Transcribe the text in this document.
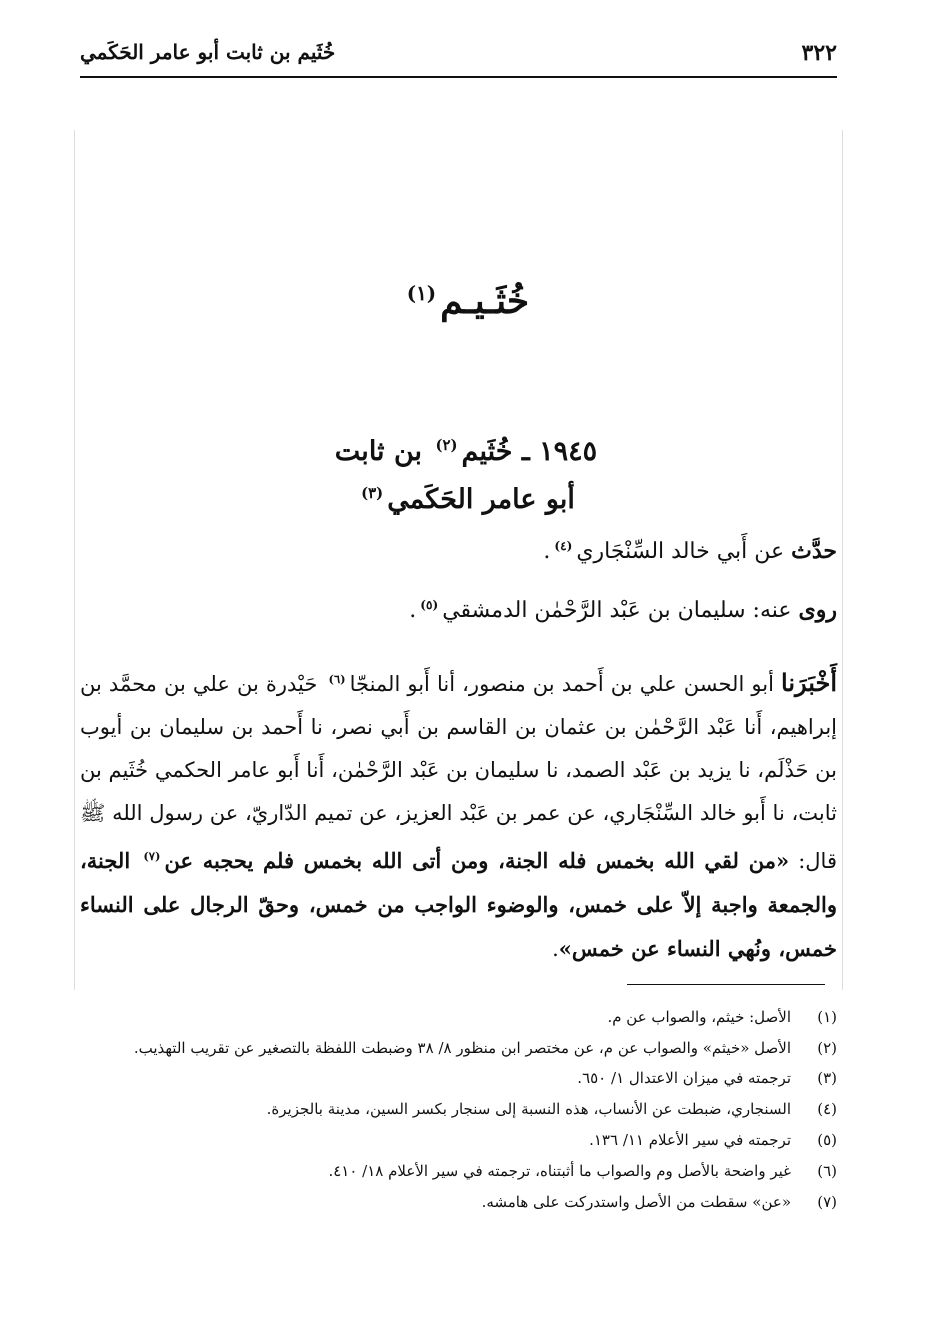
٣٢٢
خُثَيم بن ثابت أبو عامر الحَكَمي
خُثَـيـم$^{(١)}$
١٩٤٥ ـ خُثَيم$^{(٢)}$ بن ثابت
أبو عامر الحَكَمي$^{(٣)}$
حدَّث عن أَبي خالد السِّنْجَاري$^{(٤)}$.
روى عنه: سليمان بن عَبْد الرَّحْمٰن الدمشقي$^{(٥)}$.
أَخْبَرَنا أبو الحسن علي بن أَحمد بن منصور، أنا أَبو المنجّا$^{(٦)}$ حَيْدرة بن علي بن محمَّد بن إبراهيم، أَنا عَبْد الرَّحْمٰن بن عثمان بن القاسم بن أَبي نصر، نا أَحمد بن سليمان بن أيوب بن حَذْلَم، نا يزيد بن عَبْد الصمد، نا سليمان بن عَبْد الرَّحْمٰن، أَنا أَبو عامر الحكمي خُثَيم بن ثابت، نا أَبو خالد السِّنْجَاري، عن عمر بن عَبْد العزيز، عن تميم الدّاريّ، عن رسول الله ﷺ قال: «من لقي الله بخمس فله الجنة، ومن أتى الله بخمس فلم يحجبه عن$^{(٧)}$ الجنة، والجمعة واجبة إلاّ على خمس، والوضوء الواجب من خمس، وحقّ الرجال على النساء خمس، ونُهي النساء عن خمس».
(١)
الأصل: خيثم، والصواب عن م.
(٢)
الأصل «خيثم» والصواب عن م، عن مختصر ابن منظور ٨/ ٣٨ وضبطت اللفظة بالتصغير عن تقريب التهذيب.
(٣)
ترجمته في ميزان الاعتدال ١/ ٦٥٠.
(٤)
السنجاري، ضبطت عن الأنساب، هذه النسبة إلى سنجار بكسر السين، مدينة بالجزيرة.
(٥)
ترجمته في سير الأعلام ١١/ ١٣٦.
(٦)
غير واضحة بالأصل وم والصواب ما أثبتناه، ترجمته في سير الأعلام ١٨/ ٤١٠.
(٧)
«عن» سقطت من الأصل واستدركت على هامشه.
